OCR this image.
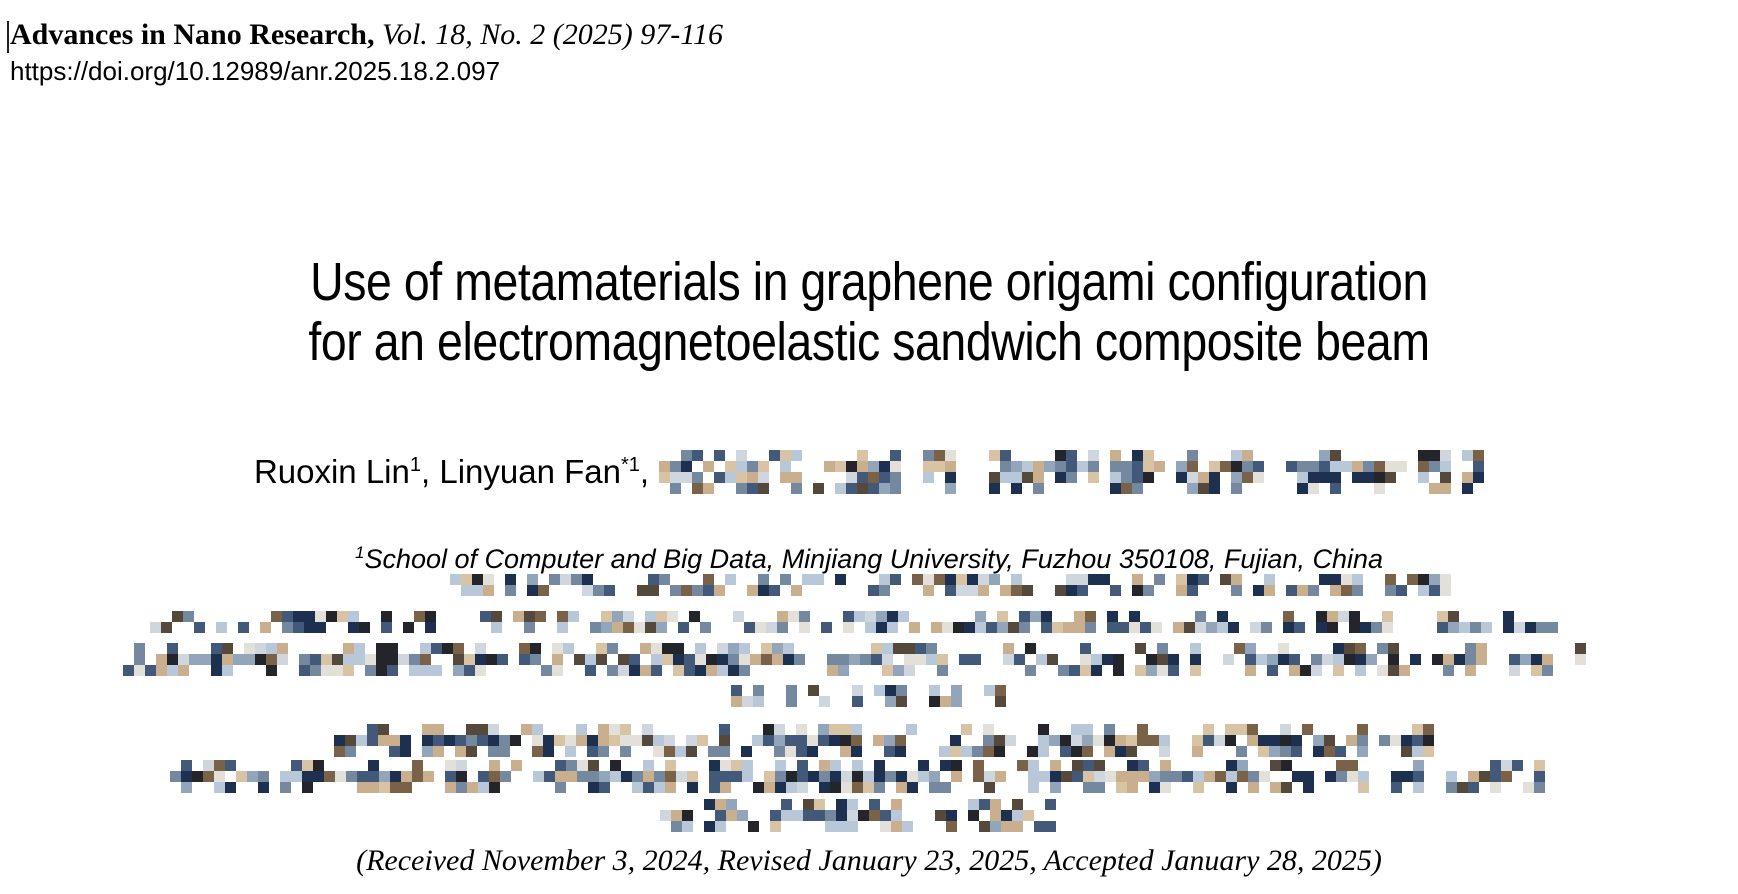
Advances in Nano Research, Vol. 18, No. 2 (2025) 97-116
https://doi.org/10.12989/anr.2025.18.2.097
Use of metamaterials in graphene origami configuration
for an electromagnetoelastic sandwich composite beam
Ruoxin Lin$^1$, Linyuan Fan$^{*1}$,
$^1$School of Computer and Big Data, Minjiang University, Fuzhou 350108, Fujian, China
(Received November 3, 2024, Revised January 23, 2025, Accepted January 28, 2025)
